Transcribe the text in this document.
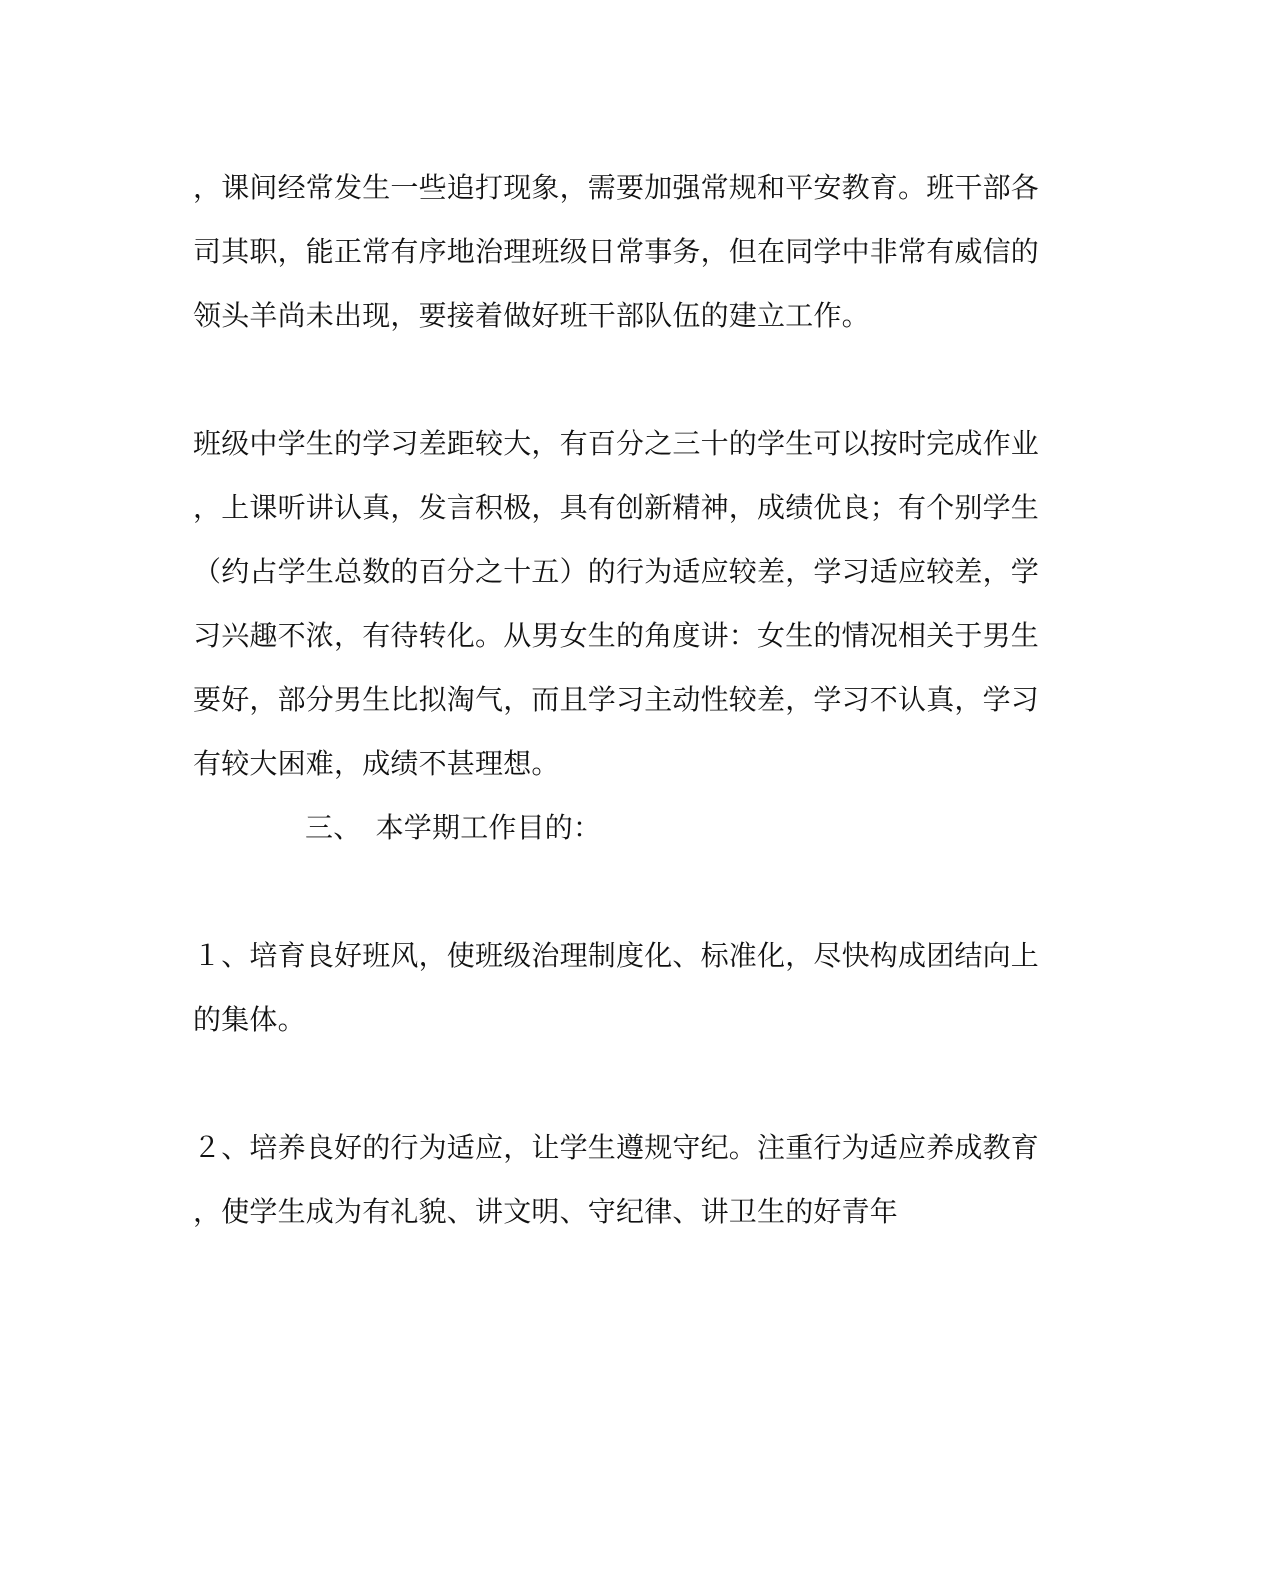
，课间经常发生一些追打现象，需要加强常规和平安教育。班干部各
司其职，能正常有序地治理班级日常事务，但在同学中非常有威信的
领头羊尚未出现，要接着做好班干部队伍的建立工作。
班级中学生的学习差距较大，有百分之三十的学生可以按时完成作业
，上课听讲认真，发言积极，具有创新精神，成绩优良；有个别学生
（约占学生总数的百分之十五）的行为适应较差，学习适应较差，学
习兴趣不浓，有待转化。从男女生的角度讲：女生的情况相关于男生
要好，部分男生比拟淘气，而且学习主动性较差，学习不认真，学习
有较大困难，成绩不甚理想。
三、　本学期工作目的：
１、培育良好班风，使班级治理制度化、标准化，尽快构成团结向上
的集体。
２、培养良好的行为适应，让学生遵规守纪。注重行为适应养成教育
，使学生成为有礼貌、讲文明、守纪律、讲卫生的好青年
